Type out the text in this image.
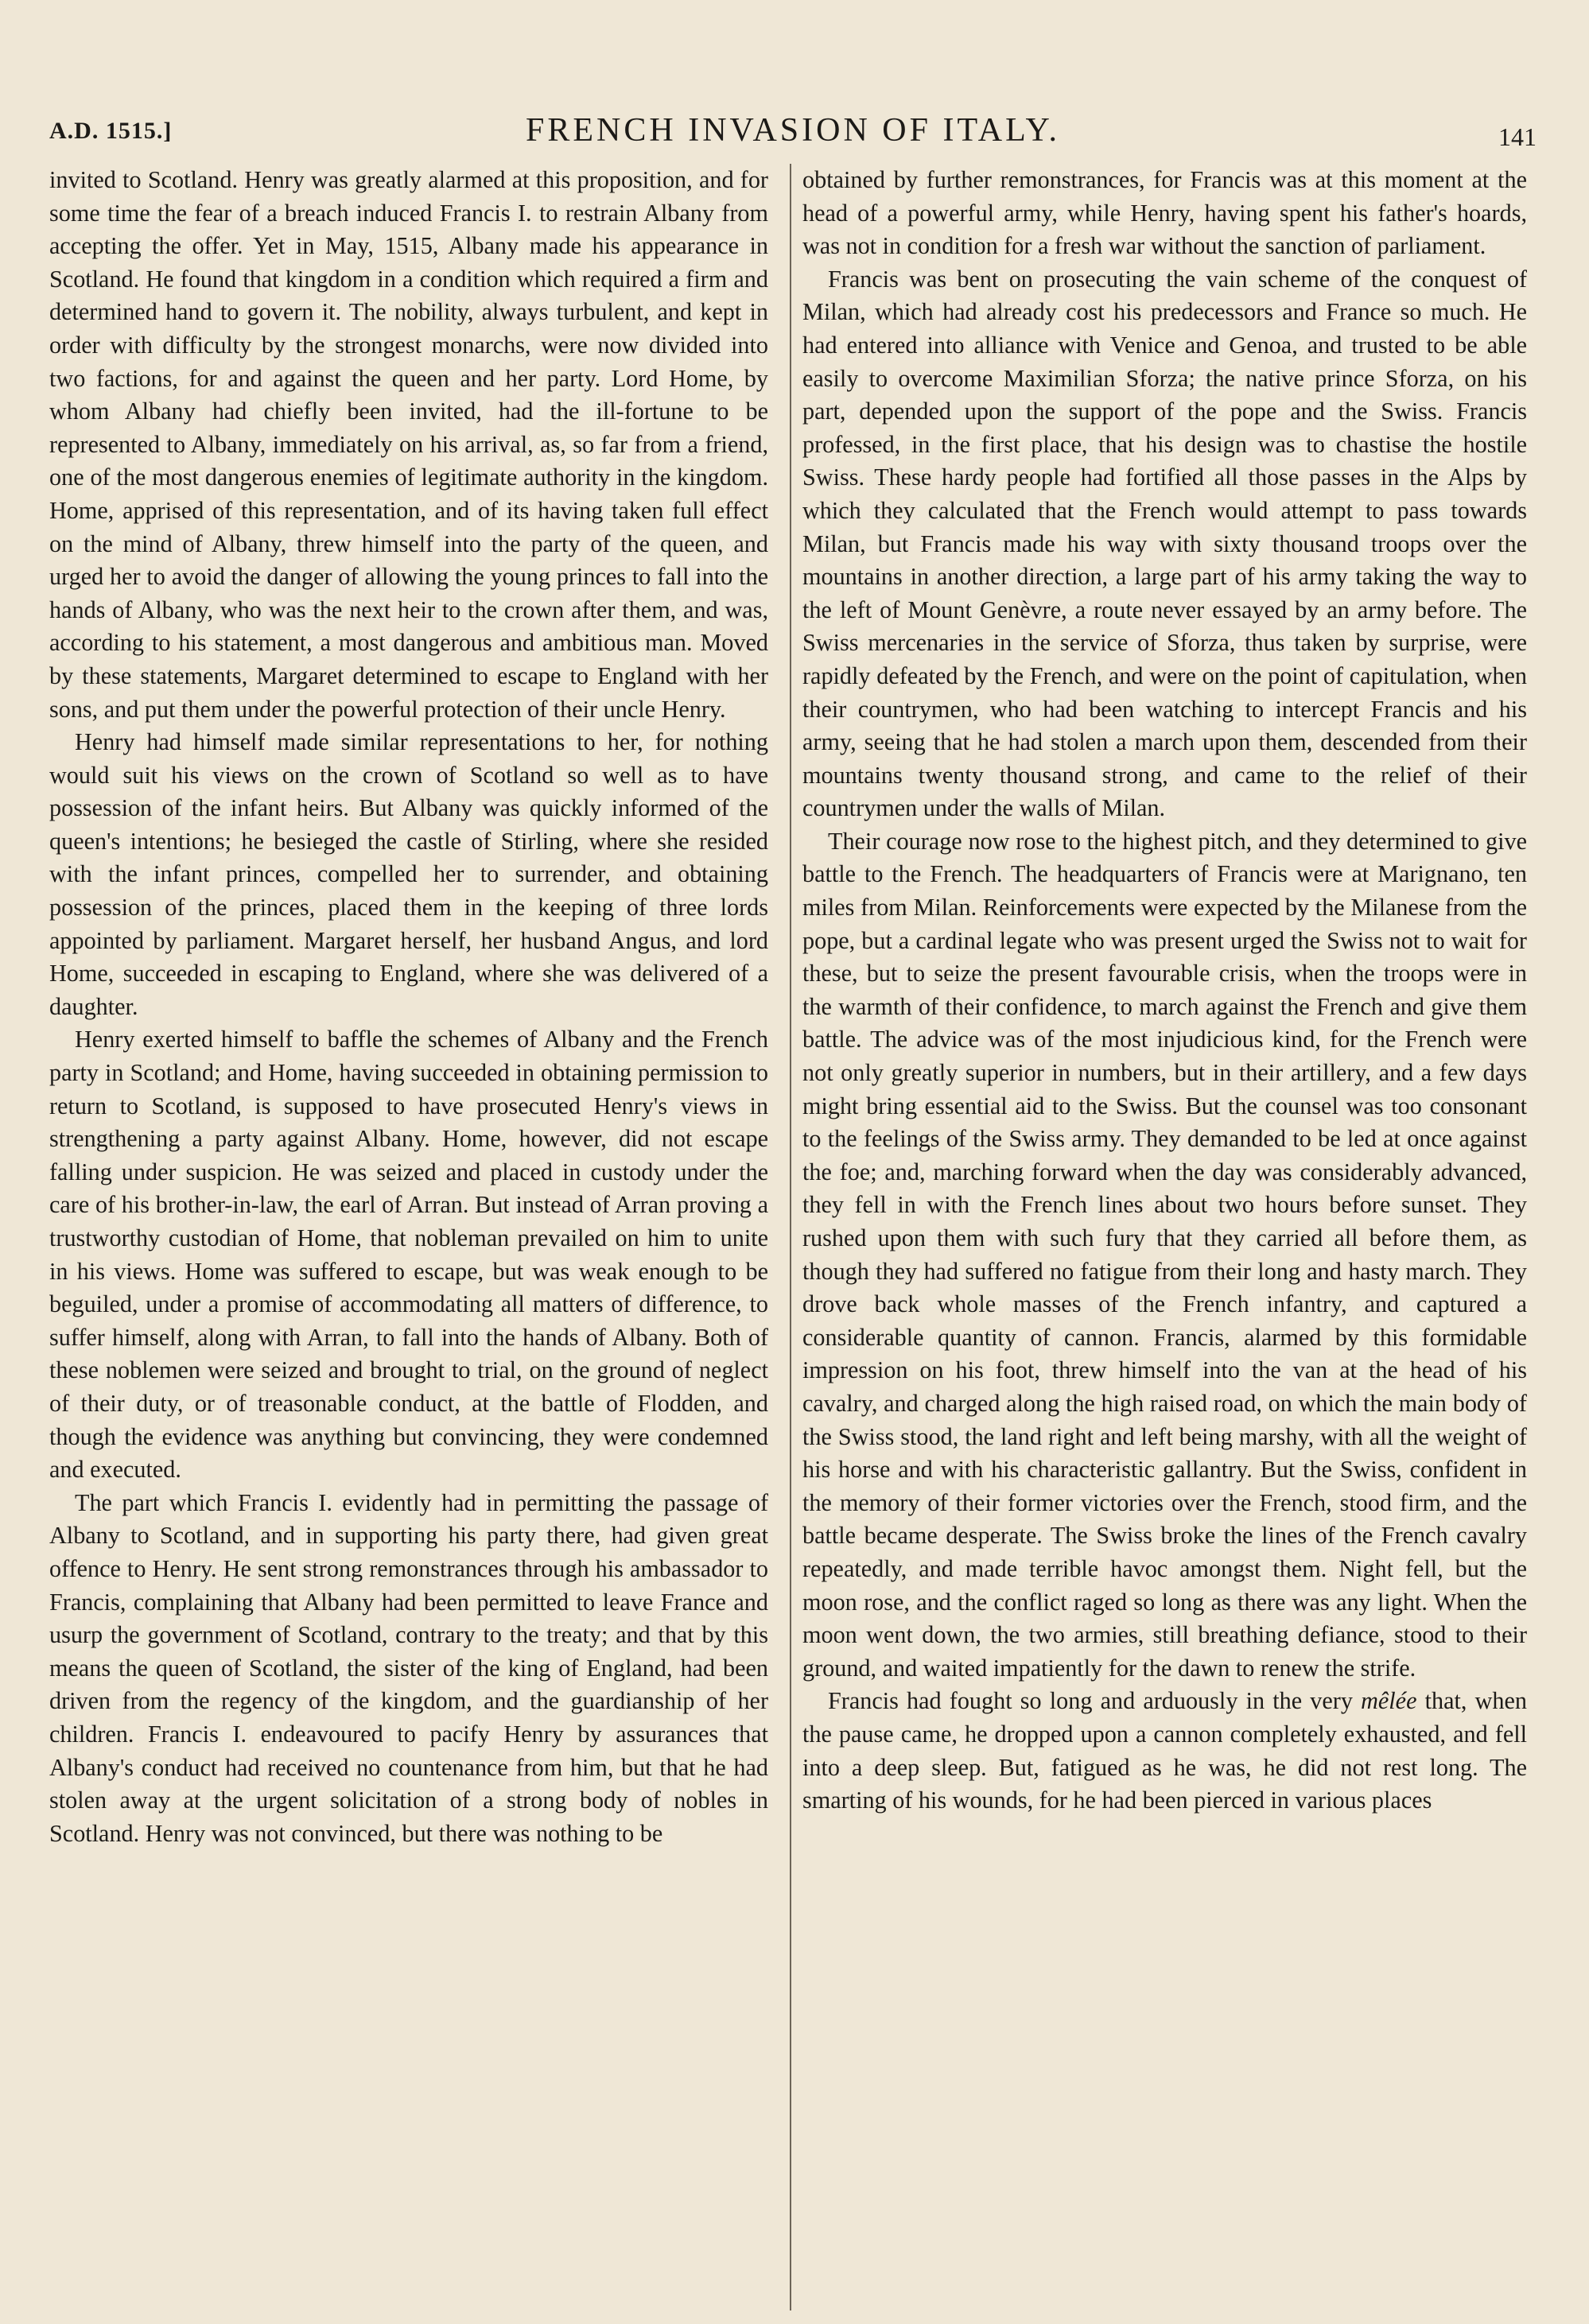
A.D. 1515.]	FRENCH INVASION OF ITALY.	141

invited to Scotland. Henry was greatly alarmed at this proposition, and for some time the fear of a breach induced Francis I. to restrain Albany from accepting the offer. Yet in May, 1515, Albany made his appearance in Scotland. He found that kingdom in a condition which required a firm and determined hand to govern it. The nobility, always turbulent, and kept in order with difficulty by the strongest monarchs, were now divided into two factions, for and against the queen and her party. Lord Home, by whom Albany had chiefly been invited, had the ill-fortune to be represented to Albany, immediately on his arrival, as, so far from a friend, one of the most dangerous enemies of legitimate authority in the kingdom. Home, apprised of this representation, and of its having taken full effect on the mind of Albany, threw himself into the party of the queen, and urged her to avoid the danger of allowing the young princes to fall into the hands of Albany, who was the next heir to the crown after them, and was, according to his statement, a most dangerous and ambitious man. Moved by these statements, Margaret determined to escape to England with her sons, and put them under the powerful protection of their uncle Henry.

Henry had himself made similar representations to her, for nothing would suit his views on the crown of Scotland so well as to have possession of the infant heirs. But Albany was quickly informed of the queen's intentions; he besieged the castle of Stirling, where she resided with the infant princes, compelled her to surrender, and obtaining possession of the princes, placed them in the keeping of three lords appointed by parliament. Margaret herself, her husband Angus, and lord Home, succeeded in escaping to England, where she was delivered of a daughter.

Henry exerted himself to baffle the schemes of Albany and the French party in Scotland; and Home, having succeeded in obtaining permission to return to Scotland, is supposed to have prosecuted Henry's views in strengthening a party against Albany. Home, however, did not escape falling under suspicion. He was seized and placed in custody under the care of his brother-in-law, the earl of Arran. But instead of Arran proving a trustworthy custodian of Home, that nobleman prevailed on him to unite in his views. Home was suffered to escape, but was weak enough to be beguiled, under a promise of accommodating all matters of difference, to suffer himself, along with Arran, to fall into the hands of Albany. Both of these noblemen were seized and brought to trial, on the ground of neglect of their duty, or of treasonable conduct, at the battle of Flodden, and though the evidence was anything but convincing, they were condemned and executed.

The part which Francis I. evidently had in permitting the passage of Albany to Scotland, and in supporting his party there, had given great offence to Henry. He sent strong remonstrances through his ambassador to Francis, complaining that Albany had been permitted to leave France and usurp the government of Scotland, contrary to the treaty; and that by this means the queen of Scotland, the sister of the king of England, had been driven from the regency of the kingdom, and the guardianship of her children. Francis I. endeavoured to pacify Henry by assurances that Albany's conduct had received no countenance from him, but that he had stolen away at the urgent solicitation of a strong body of nobles in Scotland. Henry was not convinced, but there was nothing to be

obtained by further remonstrances, for Francis was at this moment at the head of a powerful army, while Henry, having spent his father's hoards, was not in condition for a fresh war without the sanction of parliament.

Francis was bent on prosecuting the vain scheme of the conquest of Milan, which had already cost his predecessors and France so much. He had entered into alliance with Venice and Genoa, and trusted to be able easily to overcome Maximilian Sforza; the native prince Sforza, on his part, depended upon the support of the pope and the Swiss. Francis professed, in the first place, that his design was to chastise the hostile Swiss. These hardy people had fortified all those passes in the Alps by which they calculated that the French would attempt to pass towards Milan, but Francis made his way with sixty thousand troops over the mountains in another direction, a large part of his army taking the way to the left of Mount Genèvre, a route never essayed by an army before. The Swiss mercenaries in the service of Sforza, thus taken by surprise, were rapidly defeated by the French, and were on the point of capitulation, when their countrymen, who had been watching to intercept Francis and his army, seeing that he had stolen a march upon them, descended from their mountains twenty thousand strong, and came to the relief of their countrymen under the walls of Milan.

Their courage now rose to the highest pitch, and they determined to give battle to the French. The headquarters of Francis were at Marignano, ten miles from Milan. Reinforcements were expected by the Milanese from the pope, but a cardinal legate who was present urged the Swiss not to wait for these, but to seize the present favourable crisis, when the troops were in the warmth of their confidence, to march against the French and give them battle. The advice was of the most injudicious kind, for the French were not only greatly superior in numbers, but in their artillery, and a few days might bring essential aid to the Swiss. But the counsel was too consonant to the feelings of the Swiss army. They demanded to be led at once against the foe; and, marching forward when the day was considerably advanced, they fell in with the French lines about two hours before sunset. They rushed upon them with such fury that they carried all before them, as though they had suffered no fatigue from their long and hasty march. They drove back whole masses of the French infantry, and captured a considerable quantity of cannon. Francis, alarmed by this formidable impression on his foot, threw himself into the van at the head of his cavalry, and charged along the high raised road, on which the main body of the Swiss stood, the land right and left being marshy, with all the weight of his horse and with his characteristic gallantry. But the Swiss, confident in the memory of their former victories over the French, stood firm, and the battle became desperate. The Swiss broke the lines of the French cavalry repeatedly, and made terrible havoc amongst them. Night fell, but the moon rose, and the conflict raged so long as there was any light. When the moon went down, the two armies, still breathing defiance, stood to their ground, and waited impatiently for the dawn to renew the strife.

Francis had fought so long and arduously in the very mêlée that, when the pause came, he dropped upon a cannon completely exhausted, and fell into a deep sleep. But, fatigued as he was, he did not rest long. The smarting of his wounds, for he had been pierced in various places
